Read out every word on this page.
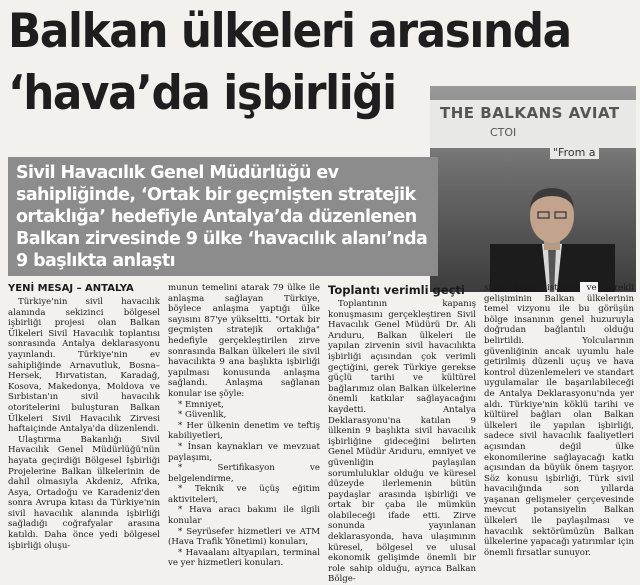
Balkan ülkeleri arasında
‘hava’da işbirliği	THE BALKANS AVIAT
CTOI
"From a

Sivil Havacılık Genel Müdürlüğü ev sahipliğinde, ‘Ortak bir geçmişten stratejik ortaklığa’ hedefiyle Antalya’da düzenlenen Balkan zirvesinde 9 ülke ‘havacılık alanı’nda 9 başlıkta anlaştı

YENİ MESAJ – ANTALYA

Türkiye'nin sivil havacılık alanında sekizinci bölgesel işbirliği projesi olan Balkan Ülkeleri Sivil Havacılık toplantısı sonrasında Antalya deklarasyonu yayınlandı. Türkiye'nin ev sahipliğinde Arnavutluk, Bosna–Hersek, Hırvatistan, Karadağ, Kosova, Makedonya, Moldova ve Sırbistan'ın sivil havacılık otoritelerini buluşturan Balkan Ülkeleri Sivil Havacılık Zirvesi haftaiçinde Antalya'da düzenlendi.

Ulaştırma Bakanlığı Sivil Havacılık Genel Müdürlüğü'nün hayata geçirdiği Bölgesel İşbirliği Projelerine Balkan ülkelerinin de dahil olmasıyla Akdeniz, Afrika, Asya, Ortadoğu ve Karadeniz'den sonra Avrupa kıtası da Türkiye'nin sivil havacılık alanında işbirliği sağladığı coğrafyalar arasına katıldı. Daha önce yedi bölgesel işbirliği oluşu-

munun temelini atarak 79 ülke ile anlaşma sağlayan Türkiye, böylece anlaşma yaptığı ülke sayısını 87'ye yükseltti. "Ortak bir geçmişten stratejik ortaklığa" hedefiyle gerçekleştirilen zirve sonrasında Balkan ülkeleri ile sivil havacılıkta 9 ana başlıkta işbirliği yapılması konusunda anlaşma sağlandı. Anlaşma sağlanan konular ise şöyle:

* Emniyet,

* Güvenlik,

* Her ülkenin denetim ve teftiş kabiliyetleri,

* İnsan kaynakları ve mevzuat paylaşımı,

* Sertifikasyon ve belgelendirme,

* Teknik ve üçüş eğitim aktiviteleri,

* Hava aracı bakımı ile ilgili konular

* Seyrüsefer hizmetleri ve ATM (Hava Trafik Yönetimi) konuları,

* Havaalanı altyapıları, terminal ve yer hizmetleri konuları.

Toplantı verimli geçti

Toplantının kapanış konuşmasını gerçekleştiren Sivil Havacılık Genel Müdürü Dr. Ali Arıduru, Balkan ülkeleri ile yapılan zirvenin sivil havacılıkta işbirliği açısından çok verimli geçtiğini, gerek Türkiye gerekse güçlü tarihi ve kültürel bağlarımız olan Balkan ülkelerine önemli katkılar sağlayacağını kaydetti. Antalya Deklarasyonu'na katılan 9 ülkenin 9 başlıkta sivil havacılık işbirliğine gideceğini belirten Genel Müdür Arıduru, emniyet ve güvenliğin paylaşılan sorumluluklar olduğu ve küresel düzeyde ilerlemenin bütün paydaşlar arasında işbirliği ve ortak bir çaba ile mümkün olabileceği ifade etti. Zirve sonunda yayınlanan deklarasyonda, hava ulaşımının küresel, bölgesel ve ulusal ekonomik gelişimde önemli bir role sahip olduğu, ayrıca Balkan Bölge-

si'nin barış, istikrar ve sürekli gelişiminin Balkan ülkelerinin temel vizyonu ile bu görüşün bölge insanının genel huzuruyla doğrudan bağlantılı olduğu belirtildi. Yolcularının güvenliğinin ancak uyumlu hale getirilmiş düzenli uçuş ve hava kontrol düzenlemeleri ve standart uygulamalar ile başarılabileceği de Antalya Deklarasyonu'nda yer aldı. Türkiye'nin köklü tarihi ve kültürel bağları olan Balkan ülkeleri ile yapılan işbirliği, sadece sivil havacılık faaliyetleri açısından değil ülke ekonomilerine sağlayacağı katkı açısından da büyük önem taşıyor. Söz konusu işbirliği, Türk sivil havacılığında son yıllarda yaşanan gelişmeler çerçevesinde mevcut potansiyelin Balkan ülkeleri ile paylaşılması ve havacılık sektörümüzün Balkan ülkelerine yapacağı yatırımlar için önemli fırsatlar sunuyor.
